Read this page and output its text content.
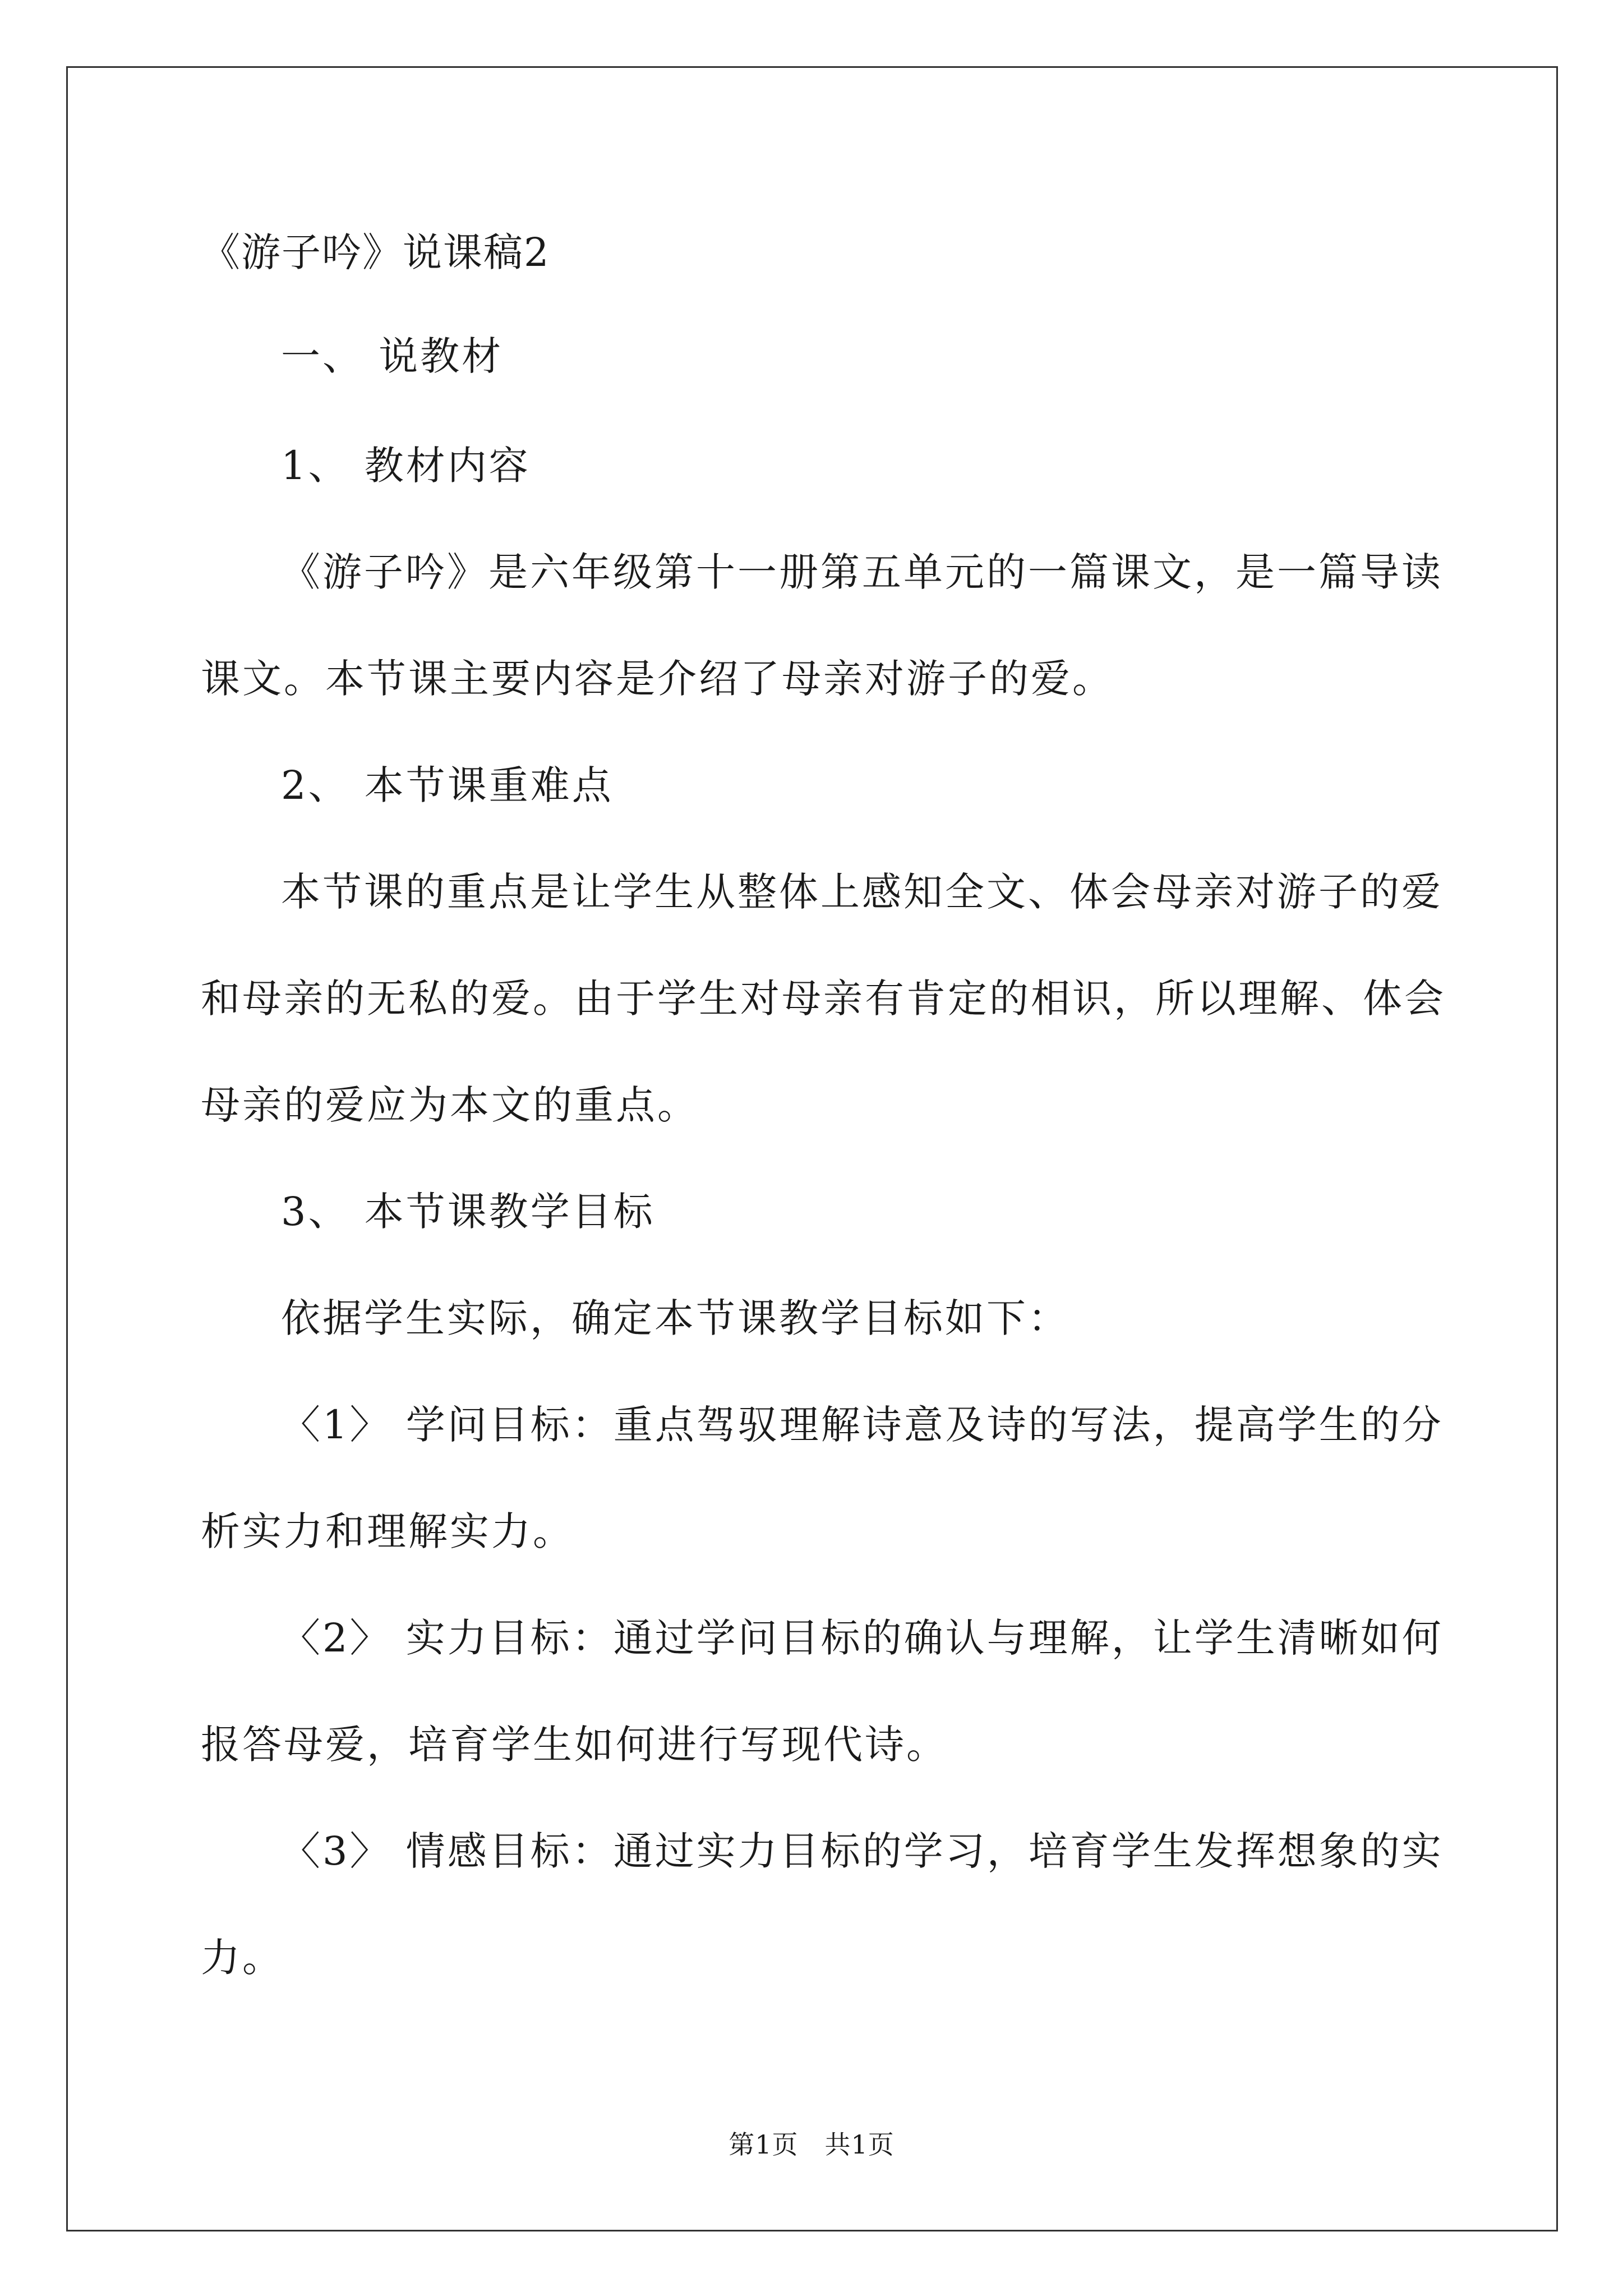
《游子吟》说课稿2
一、 说教材
1、 教材内容
《游子吟》是六年级第十一册第五单元的一篇课文，是一篇导读
课文。本节课主要内容是介绍了母亲对游子的爱。
2、 本节课重难点
本节课的重点是让学生从整体上感知全文、体会母亲对游子的爱
和母亲的无私的爱。由于学生对母亲有肯定的相识，所以理解、体会
母亲的爱应为本文的重点。
3、 本节课教学目标
依据学生实际，确定本节课教学目标如下：
〈1〉 学问目标：重点驾驭理解诗意及诗的写法，提高学生的分
析实力和理解实力。
〈2〉 实力目标：通过学问目标的确认与理解，让学生清晰如何
报答母爱，培育学生如何进行写现代诗。
〈3〉 情感目标：通过实力目标的学习，培育学生发挥想象的实
力。
第1页　共1页
